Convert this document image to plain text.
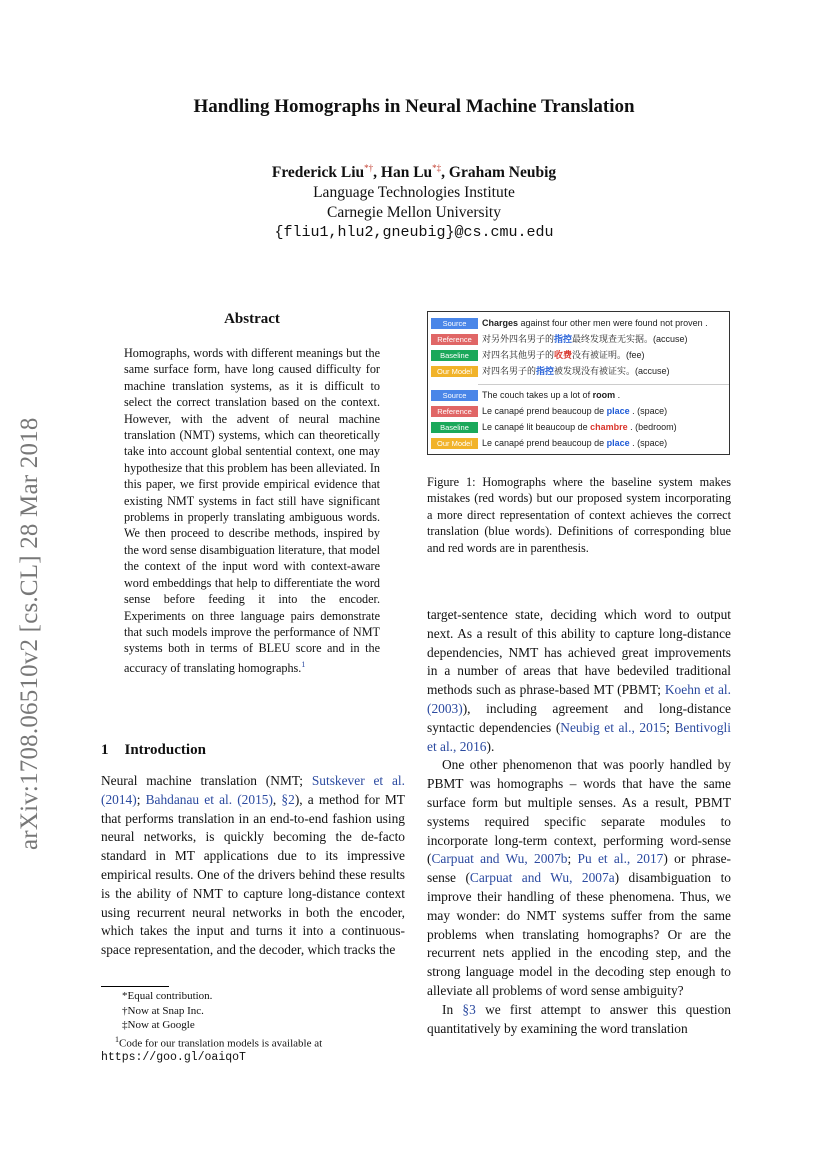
Handling Homographs in Neural Machine Translation
Frederick Liu*†, Han Lu*‡, Graham Neubig
Language Technologies Institute
Carnegie Mellon University
{fliu1,hlu2,gneubig}@cs.cmu.edu
arXiv:1708.06510v2 [cs.CL] 28 Mar 2018
Abstract
Homographs, words with different meanings but the same surface form, have long caused difficulty for machine translation systems, as it is difficult to select the correct translation based on the context. However, with the advent of neural machine translation (NMT) systems, which can theoretically take into account global sentential context, one may hypothesize that this problem has been alleviated. In this paper, we first provide empirical evidence that existing NMT systems in fact still have significant problems in properly translating ambiguous words. We then proceed to describe methods, inspired by the word sense disambiguation literature, that model the context of the input word with context-aware word embeddings that help to differentiate the word sense before feeding it into the encoder. Experiments on three language pairs demonstrate that such models improve the performance of NMT systems both in terms of BLEU score and in the accuracy of translating homographs.$^1$
1 Introduction
Neural machine translation (NMT; Sutskever et al. (2014); Bahdanau et al. (2015), §2), a method for MT that performs translation in an end-to-end fashion using neural networks, is quickly becoming the de-facto standard in MT applications due to its impressive empirical results. One of the drivers behind these results is the ability of NMT to capture long-distance context using recurrent neural networks in both the encoder, which takes the input and turns it into a continuous-space representation, and the decoder, which tracks the
*Equal contribution.
†Now at Snap Inc.
‡Now at Google
$^1$Code for our translation models is available at
https://goo.gl/oaiqoT
Source	Charges against four other men were found not proven .
Reference	对另外四名男子的指控最终发现查无实据。(accuse)
Baseline	对四名其他男子的收费没有被证明。(fee)
Our Model	对四名男子的指控被发现没有被证实。(accuse)
Source	The couch takes up a lot of room .
Reference	Le canapé prend beaucoup de place . (space)
Baseline	Le canapé lit beaucoup de chambre . (bedroom)
Our Model	Le canapé prend beaucoup de place . (space)
Figure 1: Homographs where the baseline system makes mistakes (red words) but our proposed system incorporating a more direct representation of context achieves the correct translation (blue words). Definitions of corresponding blue and red words are in parenthesis.

target-sentence state, deciding which word to output next. As a result of this ability to capture long-distance dependencies, NMT has achieved great improvements in a number of areas that have bedeviled traditional methods such as phrase-based MT (PBMT; Koehn et al. (2003)), including agreement and long-distance syntactic dependencies (Neubig et al., 2015; Bentivogli et al., 2016).

One other phenomenon that was poorly handled by PBMT was homographs – words that have the same surface form but multiple senses. As a result, PBMT systems required specific separate modules to incorporate long-term context, performing word-sense (Carpuat and Wu, 2007b; Pu et al., 2017) or phrase-sense (Carpuat and Wu, 2007a) disambiguation to improve their handling of these phenomena. Thus, we may wonder: do NMT systems suffer from the same problems when translating homographs? Or are the recurrent nets applied in the encoding step, and the strong language model in the decoding step enough to alleviate all problems of word sense ambiguity?

In §3 we first attempt to answer this question quantitatively by examining the word translation
